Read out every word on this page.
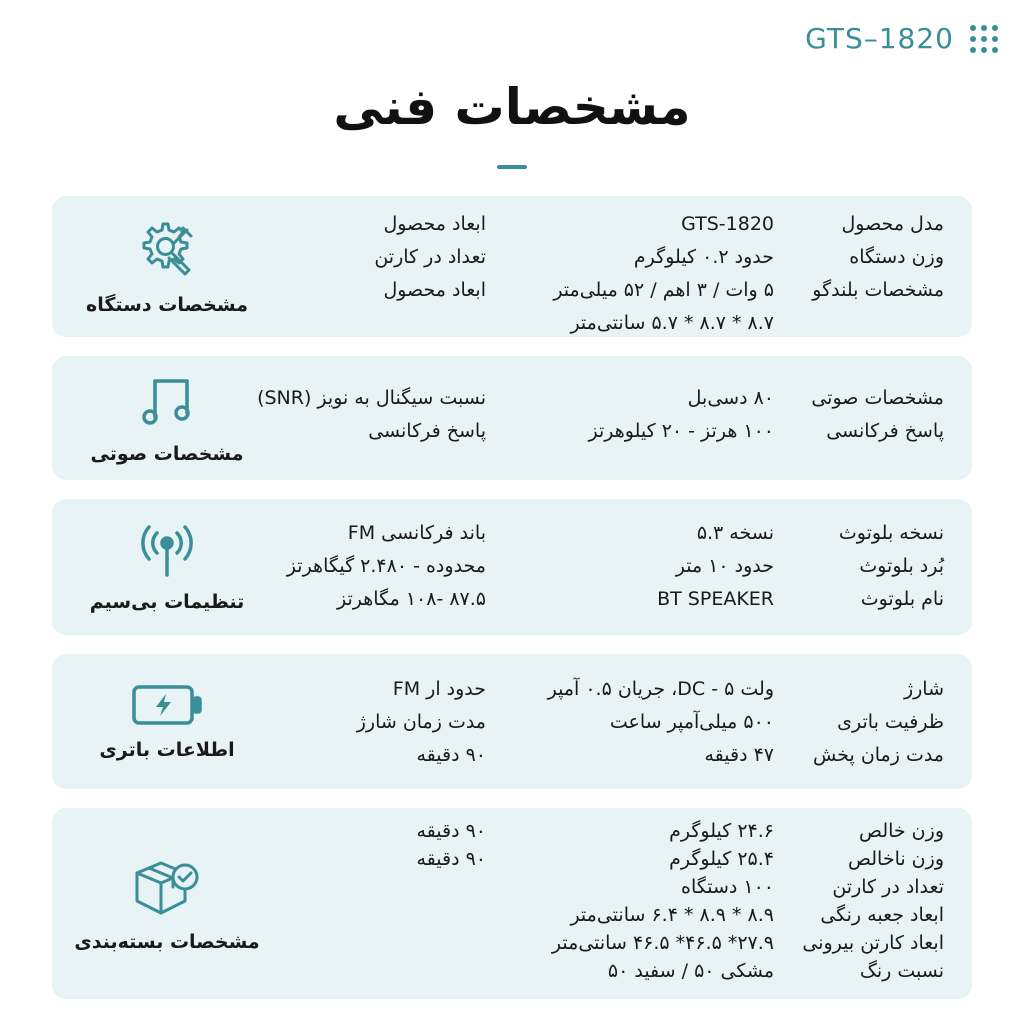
GTS–1820
مشخصات فنی
مدل محصول
وزن دستگاه
مشخصات بلندگو
GTS-1820
حدود ۰.۲ کیلوگرم
۵ وات / ۳ اهم / ۵۲ میلی‌متر
۸.۷ * ۸.۷ * ۵.۷ سانتی‌متر
ابعاد محصول
تعداد در کارتن
ابعاد محصول
مشخصات دستگاه
مشخصات صوتی
پاسخ فرکانسی
۸۰ دسی‌بل
۱۰۰ هرتز - ۲۰ کیلوهرتز
نسبت سیگنال به نویز (SNR)
پاسخ فرکانسی
مشخصات صوتی
نسخه بلوتوث
بُرد بلوتوث
نام بلوتوث
نسخه ۵.۳
حدود ۱۰ متر
BT SPEAKER
باند فرکانسی FM
محدوده - ۲.۴۸۰ گیگاهرتز
۸۷.۵ -۱۰۸ مگاهرتز
تنظیمات بی‌سیم
شارژ
ظرفیت باتری
مدت زمان پخش
ولت DC - ۵، جریان ۰.۵ آمپر
۵۰۰ میلی‌آمپر ساعت
۴۷ دقیقه
حدود ار FM
مدت زمان شارژ
۹۰ دقیقه
اطلاعات باتری
وزن خالص
وزن ناخالص
تعداد در کارتن
ابعاد جعبه رنگی
ابعاد کارتن بیرونی
نسبت رنگ
۲۴.۶ کیلوگرم
۲۵.۴ کیلوگرم
۱۰۰ دستگاه
۸.۹ * ۸.۹ * ۶.۴ سانتی‌متر
۲۷.۹* ۴۶.۵* ۴۶.۵ سانتی‌متر
مشکی ۵۰ / سفید ۵۰
۹۰ دقیقه
۹۰ دقیقه
مشخصات بسته‌بندی
